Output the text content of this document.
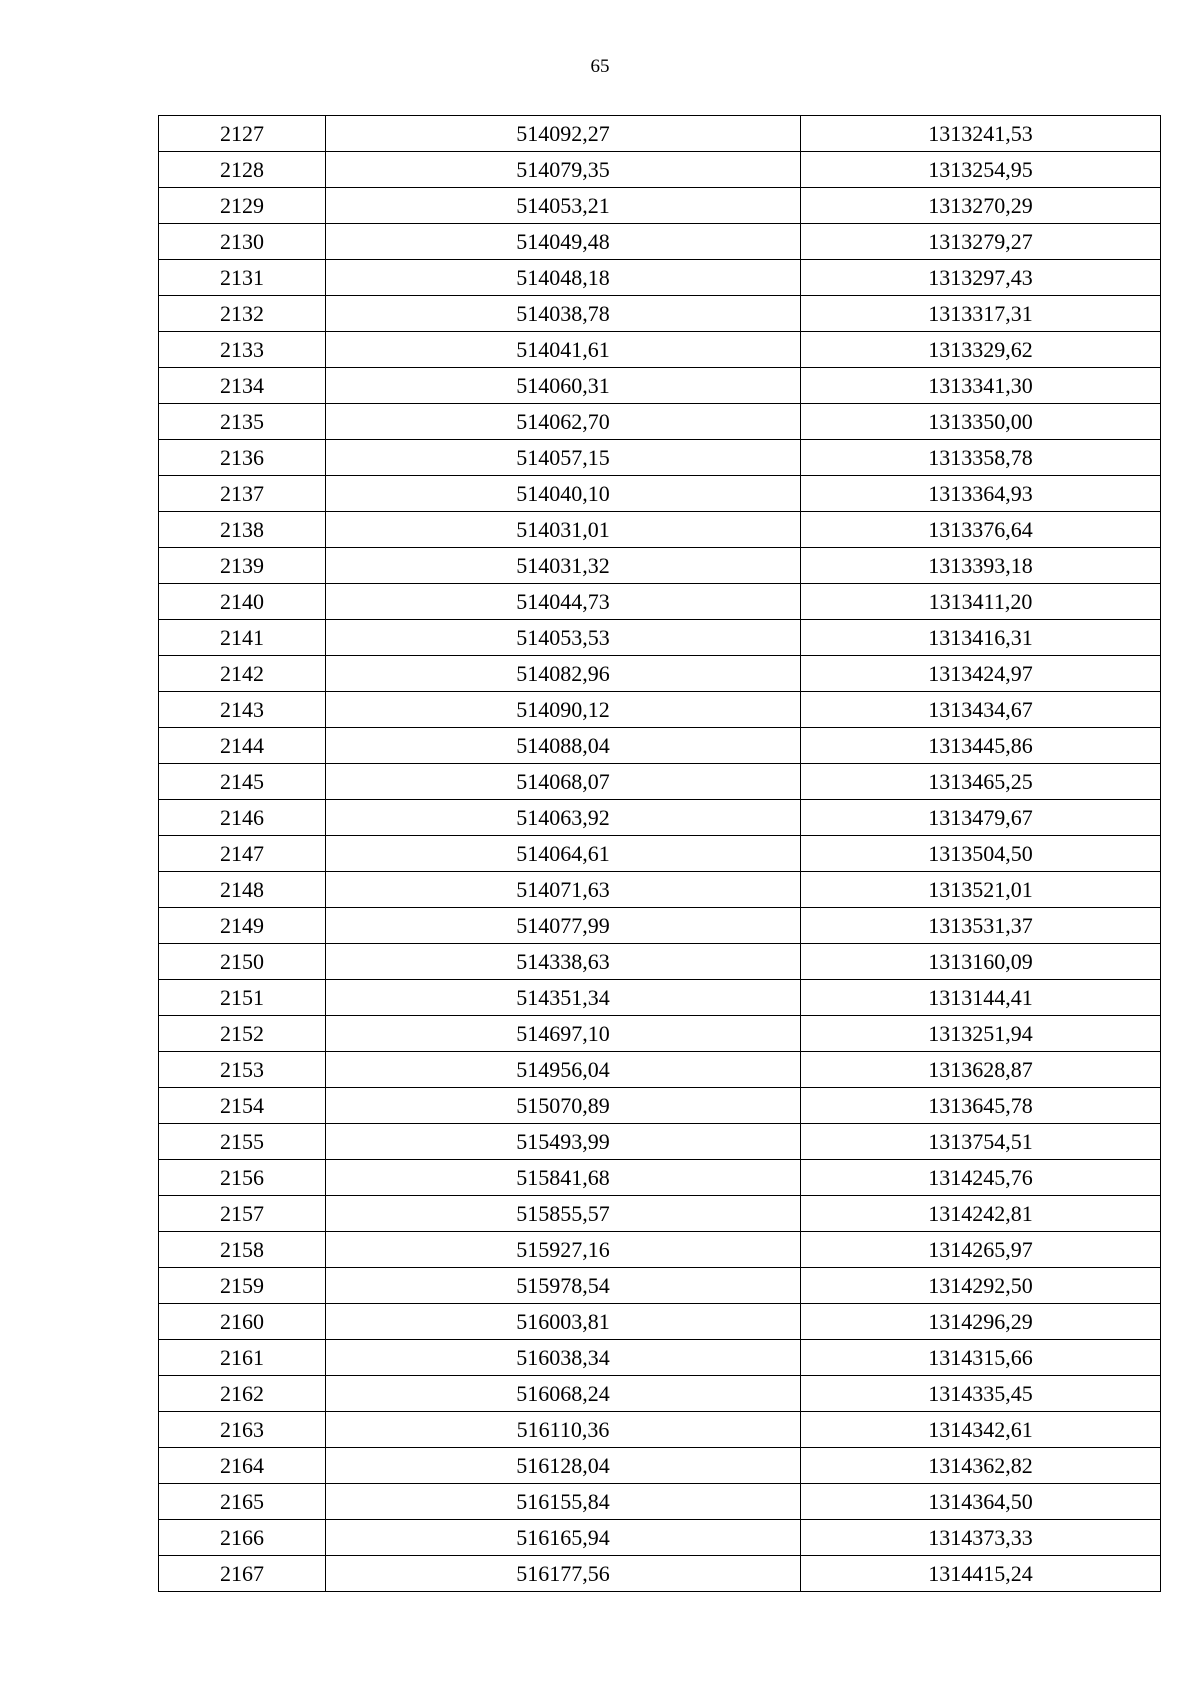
65
2127	514092,27	1313241,53
2128	514079,35	1313254,95
2129	514053,21	1313270,29
2130	514049,48	1313279,27
2131	514048,18	1313297,43
2132	514038,78	1313317,31
2133	514041,61	1313329,62
2134	514060,31	1313341,30
2135	514062,70	1313350,00
2136	514057,15	1313358,78
2137	514040,10	1313364,93
2138	514031,01	1313376,64
2139	514031,32	1313393,18
2140	514044,73	1313411,20
2141	514053,53	1313416,31
2142	514082,96	1313424,97
2143	514090,12	1313434,67
2144	514088,04	1313445,86
2145	514068,07	1313465,25
2146	514063,92	1313479,67
2147	514064,61	1313504,50
2148	514071,63	1313521,01
2149	514077,99	1313531,37
2150	514338,63	1313160,09
2151	514351,34	1313144,41
2152	514697,10	1313251,94
2153	514956,04	1313628,87
2154	515070,89	1313645,78
2155	515493,99	1313754,51
2156	515841,68	1314245,76
2157	515855,57	1314242,81
2158	515927,16	1314265,97
2159	515978,54	1314292,50
2160	516003,81	1314296,29
2161	516038,34	1314315,66
2162	516068,24	1314335,45
2163	516110,36	1314342,61
2164	516128,04	1314362,82
2165	516155,84	1314364,50
2166	516165,94	1314373,33
2167	516177,56	1314415,24
